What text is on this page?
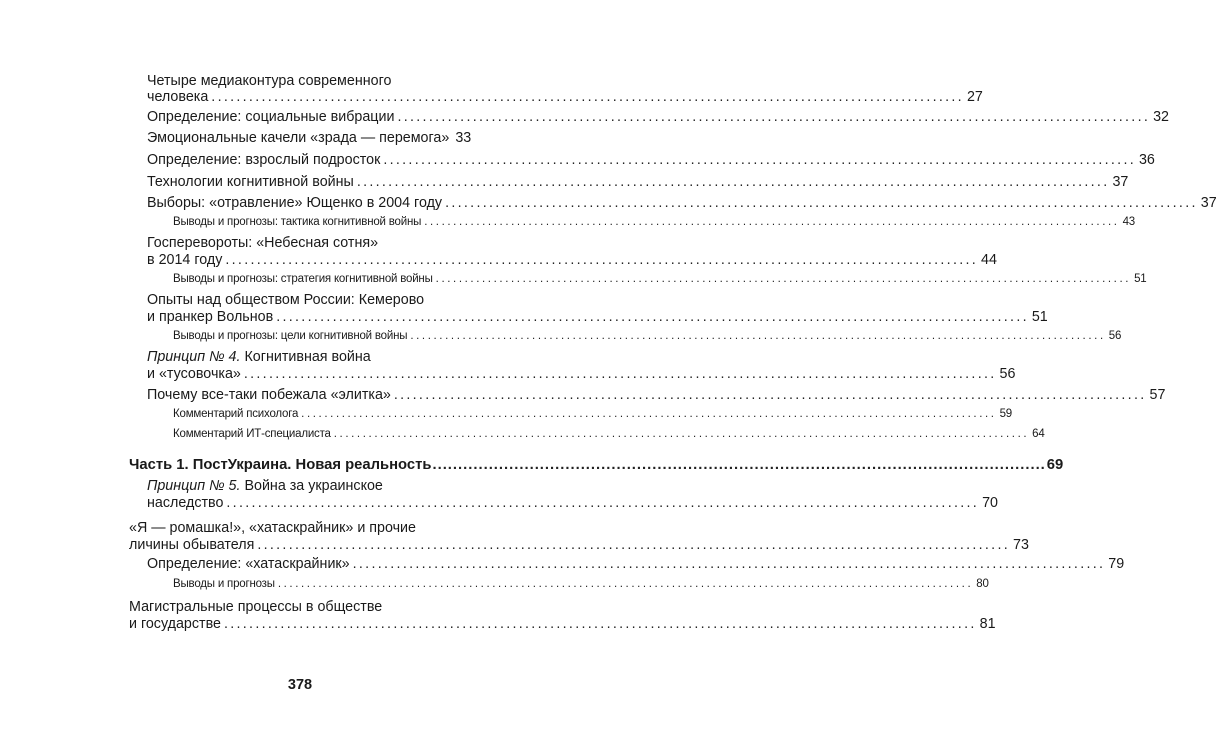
Четыре медиаконтура современного
человека ........................................................................................................................ 27
Определение: социальные вибрации ........................................................................................................................ 32
Эмоциональные качели «зрада — перемога» 33
Определение: взрослый подросток ........................................................................................................................ 36
Технологии когнитивной войны ........................................................................................................................ 37
Выборы: «отравление» Ющенко в 2004 году ........................................................................................................................ 37
Выводы и прогнозы: тактика когнитивной войны ........................................................................................................................ 43
Госперевороты: «Небесная сотня»
в 2014 году ........................................................................................................................ 44
Выводы и прогнозы: стратегия когнитивной войны ........................................................................................................................ 51
Опыты над обществом России: Кемерово
и пранкер Вольнов ........................................................................................................................ 51
Выводы и прогнозы: цели когнитивной войны ........................................................................................................................ 56
Принцип № 4. Когнитивная война
и «тусовочка» ........................................................................................................................ 56
Почему все-таки побежала «элитка» ........................................................................................................................ 57
Комментарий психолога ........................................................................................................................ 59
Комментарий ИТ-специалиста ........................................................................................................................ 64
Часть 1. ПостУкраина. Новая реальность ........................................................................................................................ 69
Принцип № 5. Война за украинское
наследство ........................................................................................................................ 70
«Я — ромашка!», «хатаскрайник» и прочие
личины обывателя ........................................................................................................................ 73
Определение: «хатаскрайник» ........................................................................................................................ 79
Выводы и прогнозы ........................................................................................................................ 80
Магистральные процессы в обществе
и государстве ........................................................................................................................ 81
378
